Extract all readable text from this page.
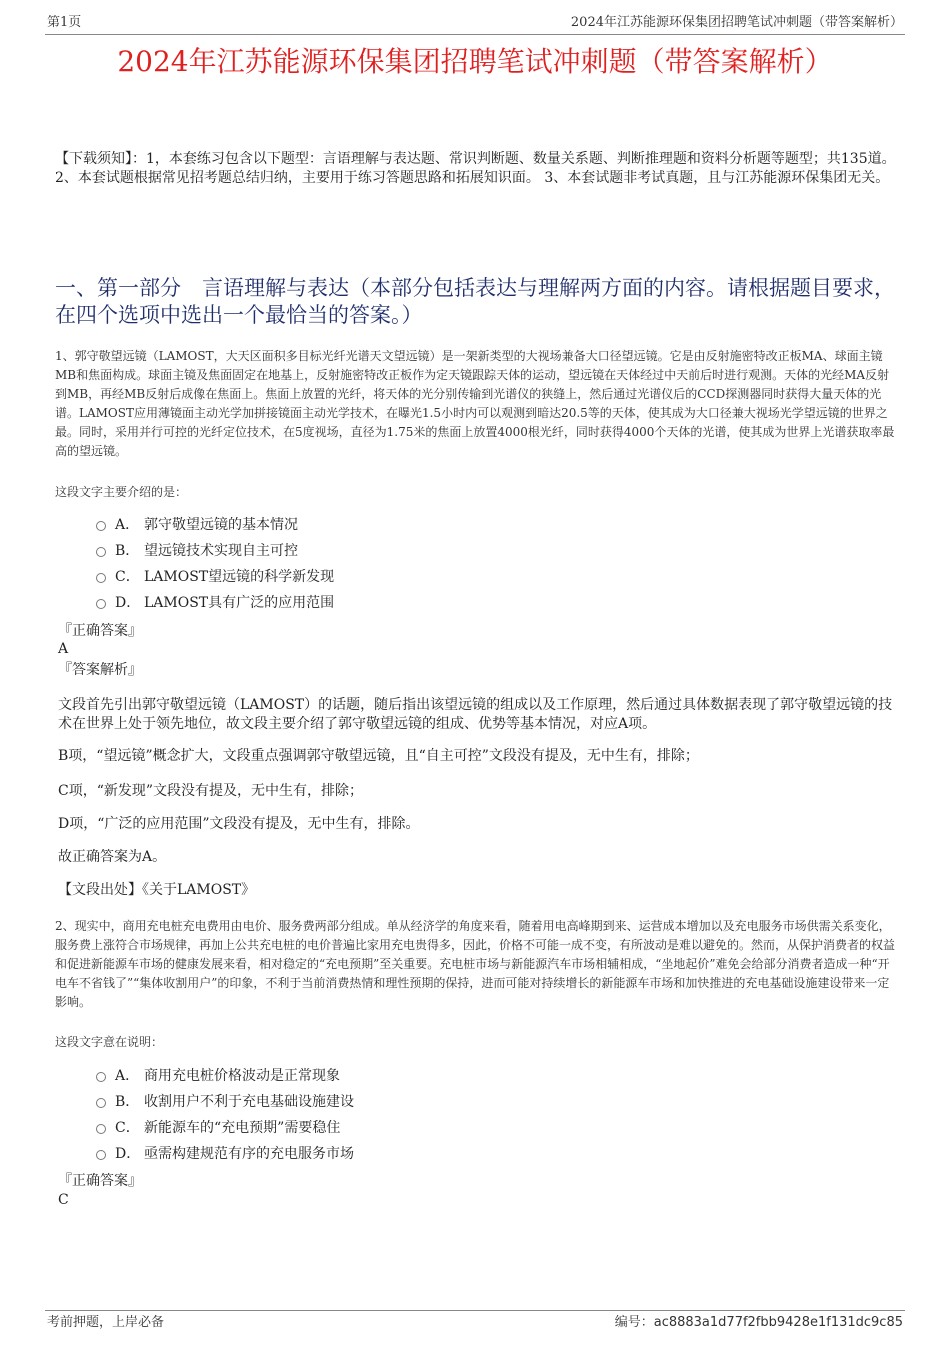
第1页	2024年江苏能源环保集团招聘笔试冲刺题（带答案解析）
2024年江苏能源环保集团招聘笔试冲刺题（带答案解析）
【下载须知】：1，本套练习包含以下题型：言语理解与表达题、常识判断题、数量关系题、判断推理题和资料分析题等题型；共135道。 2、本套试题根据常见招考题总结归纳，主要用于练习答题思路和拓展知识面。 3、本套试题非考试真题，且与江苏能源环保集团无关。
一、第一部分　言语理解与表达（本部分包括表达与理解两方面的内容。请根据题目要求，在四个选项中选出一个最恰当的答案。）
1、郭守敬望远镜（LAMOST，大天区面积多目标光纤光谱天文望远镜）是一架新类型的大视场兼备大口径望远镜。它是由反射施密特改正板MA、球面主镜MB和焦面构成。球面主镜及焦面固定在地基上，反射施密特改正板作为定天镜跟踪天体的运动，望远镜在天体经过中天前后时进行观测。天体的光经MA反射到MB，再经MB反射后成像在焦面上。焦面上放置的光纤，将天体的光分别传输到光谱仪的狭缝上，然后通过光谱仪后的CCD探测器同时获得大量天体的光谱。LAMOST应用薄镜面主动光学加拼接镜面主动光学技术，在曝光1.5小时内可以观测到暗达20.5等的天体，使其成为大口径兼大视场光学望远镜的世界之最。同时，采用并行可控的光纤定位技术，在5度视场，直径为1.75米的焦面上放置4000根光纤，同时获得4000个天体的光谱，使其成为世界上光谱获取率最高的望远镜。
这段文字主要介绍的是：
A． 郭守敬望远镜的基本情况
B． 望远镜技术实现自主可控
C． LAMOST望远镜的科学新发现
D． LAMOST具有广泛的应用范围
『正确答案』
A
『答案解析』
文段首先引出郭守敬望远镜（LAMOST）的话题，随后指出该望远镜的组成以及工作原理，然后通过具体数据表现了郭守敬望远镜的技术在世界上处于领先地位，故文段主要介绍了郭守敬望远镜的组成、优势等基本情况，对应A项。
B项，“望远镜”概念扩大，文段重点强调郭守敬望远镜，且“自主可控”文段没有提及，无中生有，排除；
C项，“新发现”文段没有提及，无中生有，排除；
D项，“广泛的应用范围”文段没有提及，无中生有，排除。
故正确答案为A。
【文段出处】《关于LAMOST》
2、现实中，商用充电桩充电费用由电价、服务费两部分组成。单从经济学的角度来看，随着用电高峰期到来、运营成本增加以及充电服务市场供需关系变化，服务费上涨符合市场规律，再加上公共充电桩的电价普遍比家用充电贵得多，因此，价格不可能一成不变，有所波动是难以避免的。然而，从保护消费者的权益和促进新能源车市场的健康发展来看，相对稳定的“充电预期”至关重要。充电桩市场与新能源汽车市场相辅相成，“坐地起价”难免会给部分消费者造成一种“开电车不省钱了”“集体收割用户”的印象，不利于当前消费热情和理性预期的保持，进而可能对持续增长的新能源车市场和加快推进的充电基础设施建设带来一定影响。
这段文字意在说明：
A． 商用充电桩价格波动是正常现象
B． 收割用户不利于充电基础设施建设
C． 新能源车的“充电预期”需要稳住
D． 亟需构建规范有序的充电服务市场
『正确答案』
C
考前押题，上岸必备	编号：ac8883a1d77f2fbb9428e1f131dc9c85
